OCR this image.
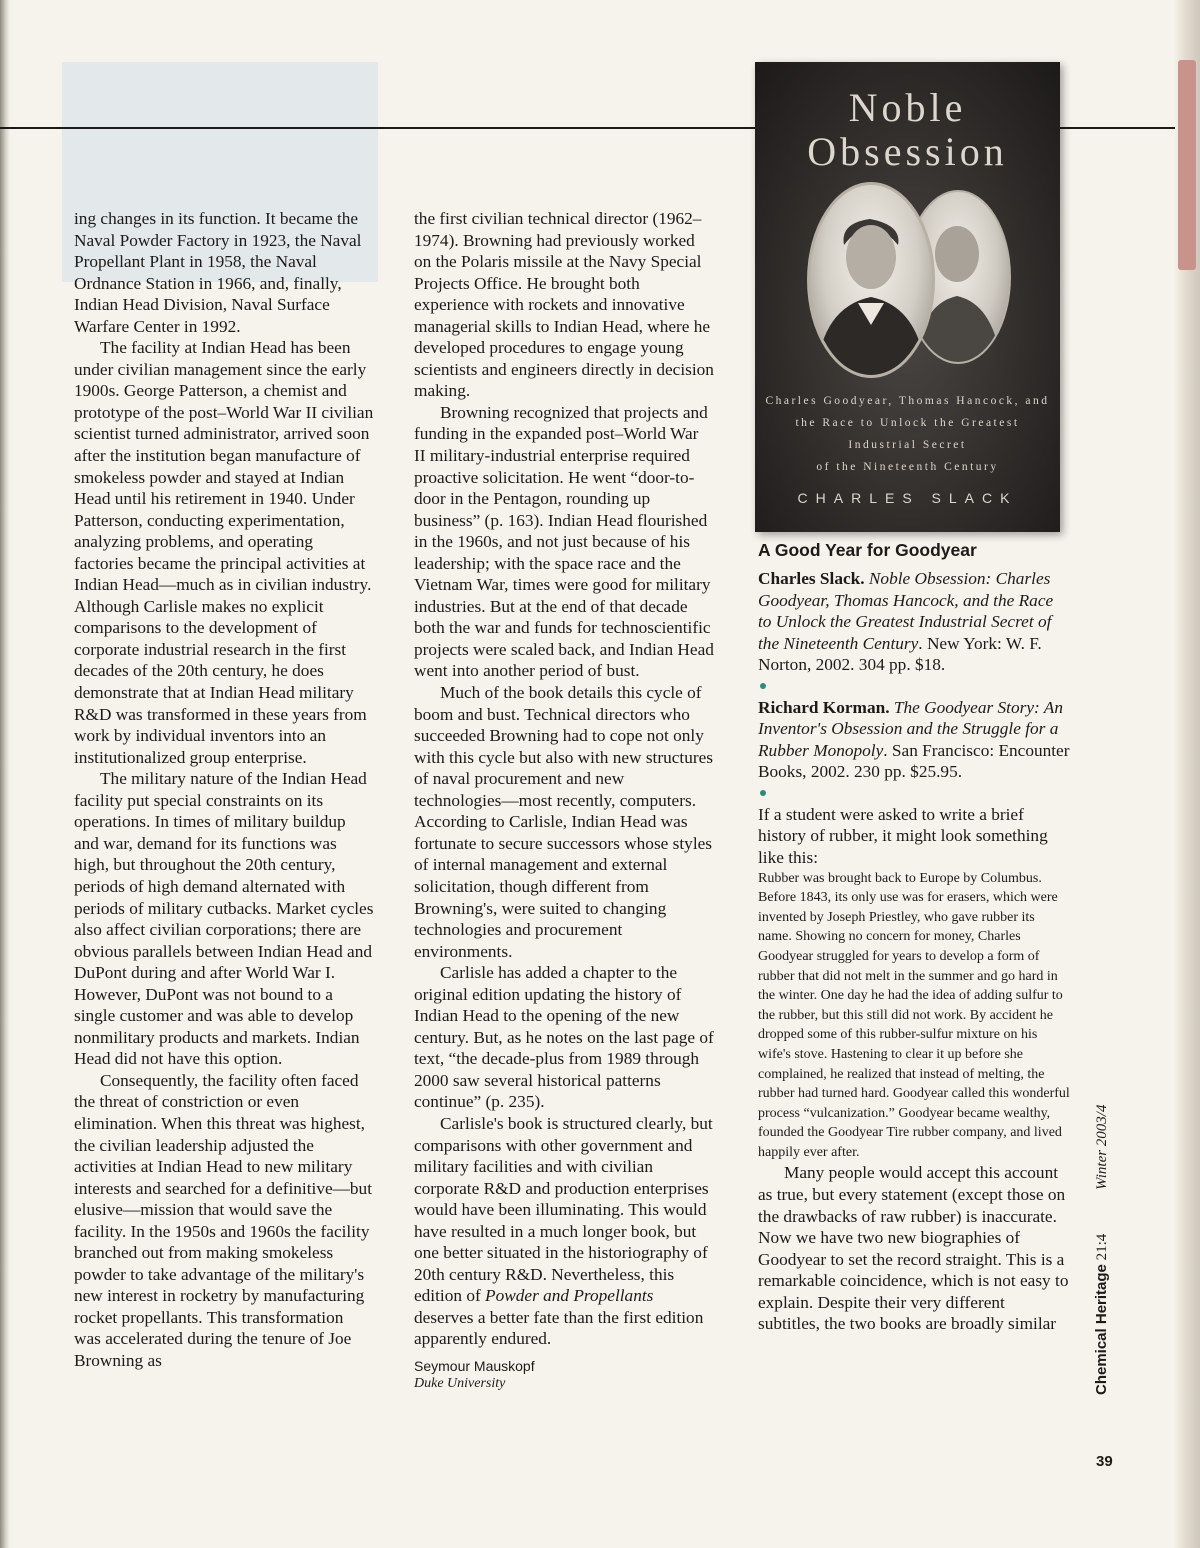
ing changes in its function. It became the Naval Powder Factory in 1923, the Naval Propellant Plant in 1958, the Naval Ordnance Station in 1966, and, finally, Indian Head Division, Naval Surface Warfare Center in 1992.

The facility at Indian Head has been under civilian management since the early 1900s. George Patterson, a chemist and prototype of the post–World War II civilian scientist turned administrator, arrived soon after the institution began manufacture of smokeless powder and stayed at Indian Head until his retirement in 1940. Under Patterson, conducting experimentation, analyzing problems, and operating factories became the principal activities at Indian Head—much as in civilian industry. Although Carlisle makes no explicit comparisons to the development of corporate industrial research in the first decades of the 20th century, he does demonstrate that at Indian Head military R&D was transformed in these years from work by individual inventors into an institutionalized group enterprise.

The military nature of the Indian Head facility put special constraints on its operations. In times of military buildup and war, demand for its functions was high, but throughout the 20th century, periods of high demand alternated with periods of military cutbacks. Market cycles also affect civilian corporations; there are obvious parallels between Indian Head and DuPont during and after World War I. However, DuPont was not bound to a single customer and was able to develop nonmilitary products and markets. Indian Head did not have this option.

Consequently, the facility often faced the threat of constriction or even elimination. When this threat was highest, the civilian leadership adjusted the activities at Indian Head to new military interests and searched for a definitive—but elusive—mission that would save the facility. In the 1950s and 1960s the facility branched out from making smokeless powder to take advantage of the military's new interest in rocketry by manufacturing rocket propellants. This transformation was accelerated during the tenure of Joe Browning as

the first civilian technical director (1962–1974). Browning had previously worked on the Polaris missile at the Navy Special Projects Office. He brought both experience with rockets and innovative managerial skills to Indian Head, where he developed procedures to engage young scientists and engineers directly in decision making.

Browning recognized that projects and funding in the expanded post–World War II military-industrial enterprise required proactive solicitation. He went “door-to-door in the Pentagon, rounding up business” (p. 163). Indian Head flourished in the 1960s, and not just because of his leadership; with the space race and the Vietnam War, times were good for military industries. But at the end of that decade both the war and funds for technoscientific projects were scaled back, and Indian Head went into another period of bust.

Much of the book details this cycle of boom and bust. Technical directors who succeeded Browning had to cope not only with this cycle but also with new structures of naval procurement and new technologies—most recently, computers. According to Carlisle, Indian Head was fortunate to secure successors whose styles of internal management and external solicitation, though different from Browning's, were suited to changing technologies and procurement environments.

Carlisle has added a chapter to the original edition updating the history of Indian Head to the opening of the new century. But, as he notes on the last page of text, “the decade-plus from 1989 through 2000 saw several historical patterns continue” (p. 235).

Carlisle's book is structured clearly, but comparisons with other government and military facilities and with civilian corporate R&D and production enterprises would have been illuminating. This would have resulted in a much longer book, but one better situated in the historiography of 20th century R&D. Nevertheless, this edition of Powder and Propellants deserves a better fate than the first edition apparently endured.

Seymour Mauskopf
Duke University
Noble
Obsession
Charles Goodyear, Thomas Hancock, and
the Race to Unlock the Greatest
Industrial Secret
of the Nineteenth Century
CHARLES SLACK
A Good Year for Goodyear

Charles Slack. Noble Obsession: Charles Goodyear, Thomas Hancock, and the Race to Unlock the Greatest Industrial Secret of the Nineteenth Century. New York: W. F. Norton, 2002. 304 pp. $18.

Richard Korman. The Goodyear Story: An Inventor's Obsession and the Struggle for a Rubber Monopoly. San Francisco: Encounter Books, 2002. 230 pp. $25.95.

If a student were asked to write a brief history of rubber, it might look something like this:

Rubber was brought back to Europe by Columbus. Before 1843, its only use was for erasers, which were invented by Joseph Priestley, who gave rubber its name. Showing no concern for money, Charles Goodyear struggled for years to develop a form of rubber that did not melt in the summer and go hard in the winter. One day he had the idea of adding sulfur to the rubber, but this still did not work. By accident he dropped some of this rubber-sulfur mixture on his wife's stove. Hastening to clear it up before she complained, he realized that instead of melting, the rubber had turned hard. Goodyear called this wonderful process “vulcanization.” Goodyear became wealthy, founded the Goodyear Tire rubber company, and lived happily ever after.

Many people would accept this account as true, but every statement (except those on the drawbacks of raw rubber) is inaccurate. Now we have two new biographies of Goodyear to set the record straight. This is a remarkable coincidence, which is not easy to explain. Despite their very different subtitles, the two books are broadly similar	Chemical Heritage 21:4 Winter 2003/4
39
